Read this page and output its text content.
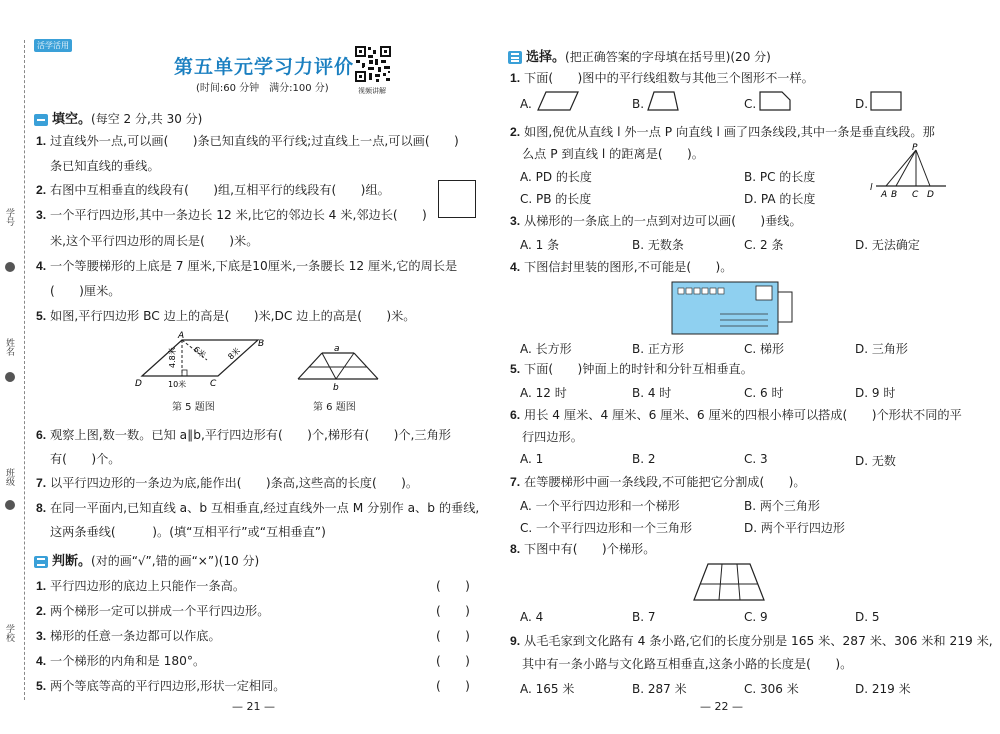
学号
姓名
班级
学校
活学活用
第五单元学习力评价
(时间:60 分钟　满分:100 分)	视频讲解
填空。(每空 2 分,共 30 分)
1. 过直线外一点,可以画(　　)条已知直线的平行线;过直线上一点,可以画(　　)
条已知直线的垂线。
2. 右图中互相垂直的线段有(　　)组,互相平行的线段有(　　)组。
3. 一个平行四边形,其中一条边长 12 米,比它的邻边长 4 米,邻边长(　　)
米,这个平行四边形的周长是(　　)米。
4. 一个等腰梯形的上底是 7 厘米,下底是10厘米,一条腰长 12 厘米,它的周长是
(　　)厘米。
5. 如图,平行四边形 BC 边上的高是(　　)米,DC 边上的高是(　　)米。
A
B
C
D
4.8米 6米 8米
10米
第 5 题图
a
b
第 6 题图
6. 观察上图,数一数。已知 a∥b,平行四边形有(　　)个,梯形有(　　)个,三角形
有(　　)个。
7. 以平行四边形的一条边为底,能作出(　　)条高,这些高的长度(　　)。
8. 在同一平面内,已知直线 a、b 互相垂直,经过直线外一点 M 分别作 a、b 的垂线,
这两条垂线(　　　)。(填“互相平行”或“互相垂直”)
判断。(对的画“√”,错的画“×”)(10 分)
1. 平行四边形的底边上只能作一条高。	(　　)
2. 两个梯形一定可以拼成一个平行四边形。	(　　)
3. 梯形的任意一条边都可以作底。	(　　)
4. 一个梯形的内角和是 180°。	(　　)
5. 两个等底等高的平行四边形,形状一定相同。	(　　)
— 21 —
选择。(把正确答案的字母填在括号里)(20 分)
1. 下面(　　)图中的平行线组数与其他三个图形不一样。
A.	B.	C.	D.
2. 如图,倪优从直线 l 外一点 P 向直线 l 画了四条线段,其中一条是垂直线段。那
么点 P 到直线 l 的距离是(　　)。
A. PD 的长度	B. PC 的长度
C. PB 的长度	D. PA 的长度
P
l
A B C D
3. 从梯形的一条底上的一点到对边可以画(　　)垂线。
A. 1 条	B. 无数条	C. 2 条	D. 无法确定
4. 下图信封里装的图形,不可能是(　　)。
A. 长方形	B. 正方形	C. 梯形	D. 三角形
5. 下面(　　)钟面上的时针和分针互相垂直。
A. 12 时	B. 4 时	C. 6 时	D. 9 时
6. 用长 4 厘米、4 厘米、6 厘米、6 厘米的四根小棒可以搭成(　　)个形状不同的平
行四边形。
A. 1	B. 2	C. 3	D. 无数
7. 在等腰梯形中画一条线段,不可能把它分割成(　　)。
A. 一个平行四边形和一个梯形	B. 两个三角形
C. 一个平行四边形和一个三角形	D. 两个平行四边形
8. 下图中有(　　)个梯形。
A. 4	B. 7	C. 9	D. 5
9. 从毛毛家到文化路有 4 条小路,它们的长度分别是 165 米、287 米、306 米和 219 米,
其中有一条小路与文化路互相垂直,这条小路的长度是(　　)。
A. 165 米	B. 287 米	C. 306 米	D. 219 米
— 22 —
